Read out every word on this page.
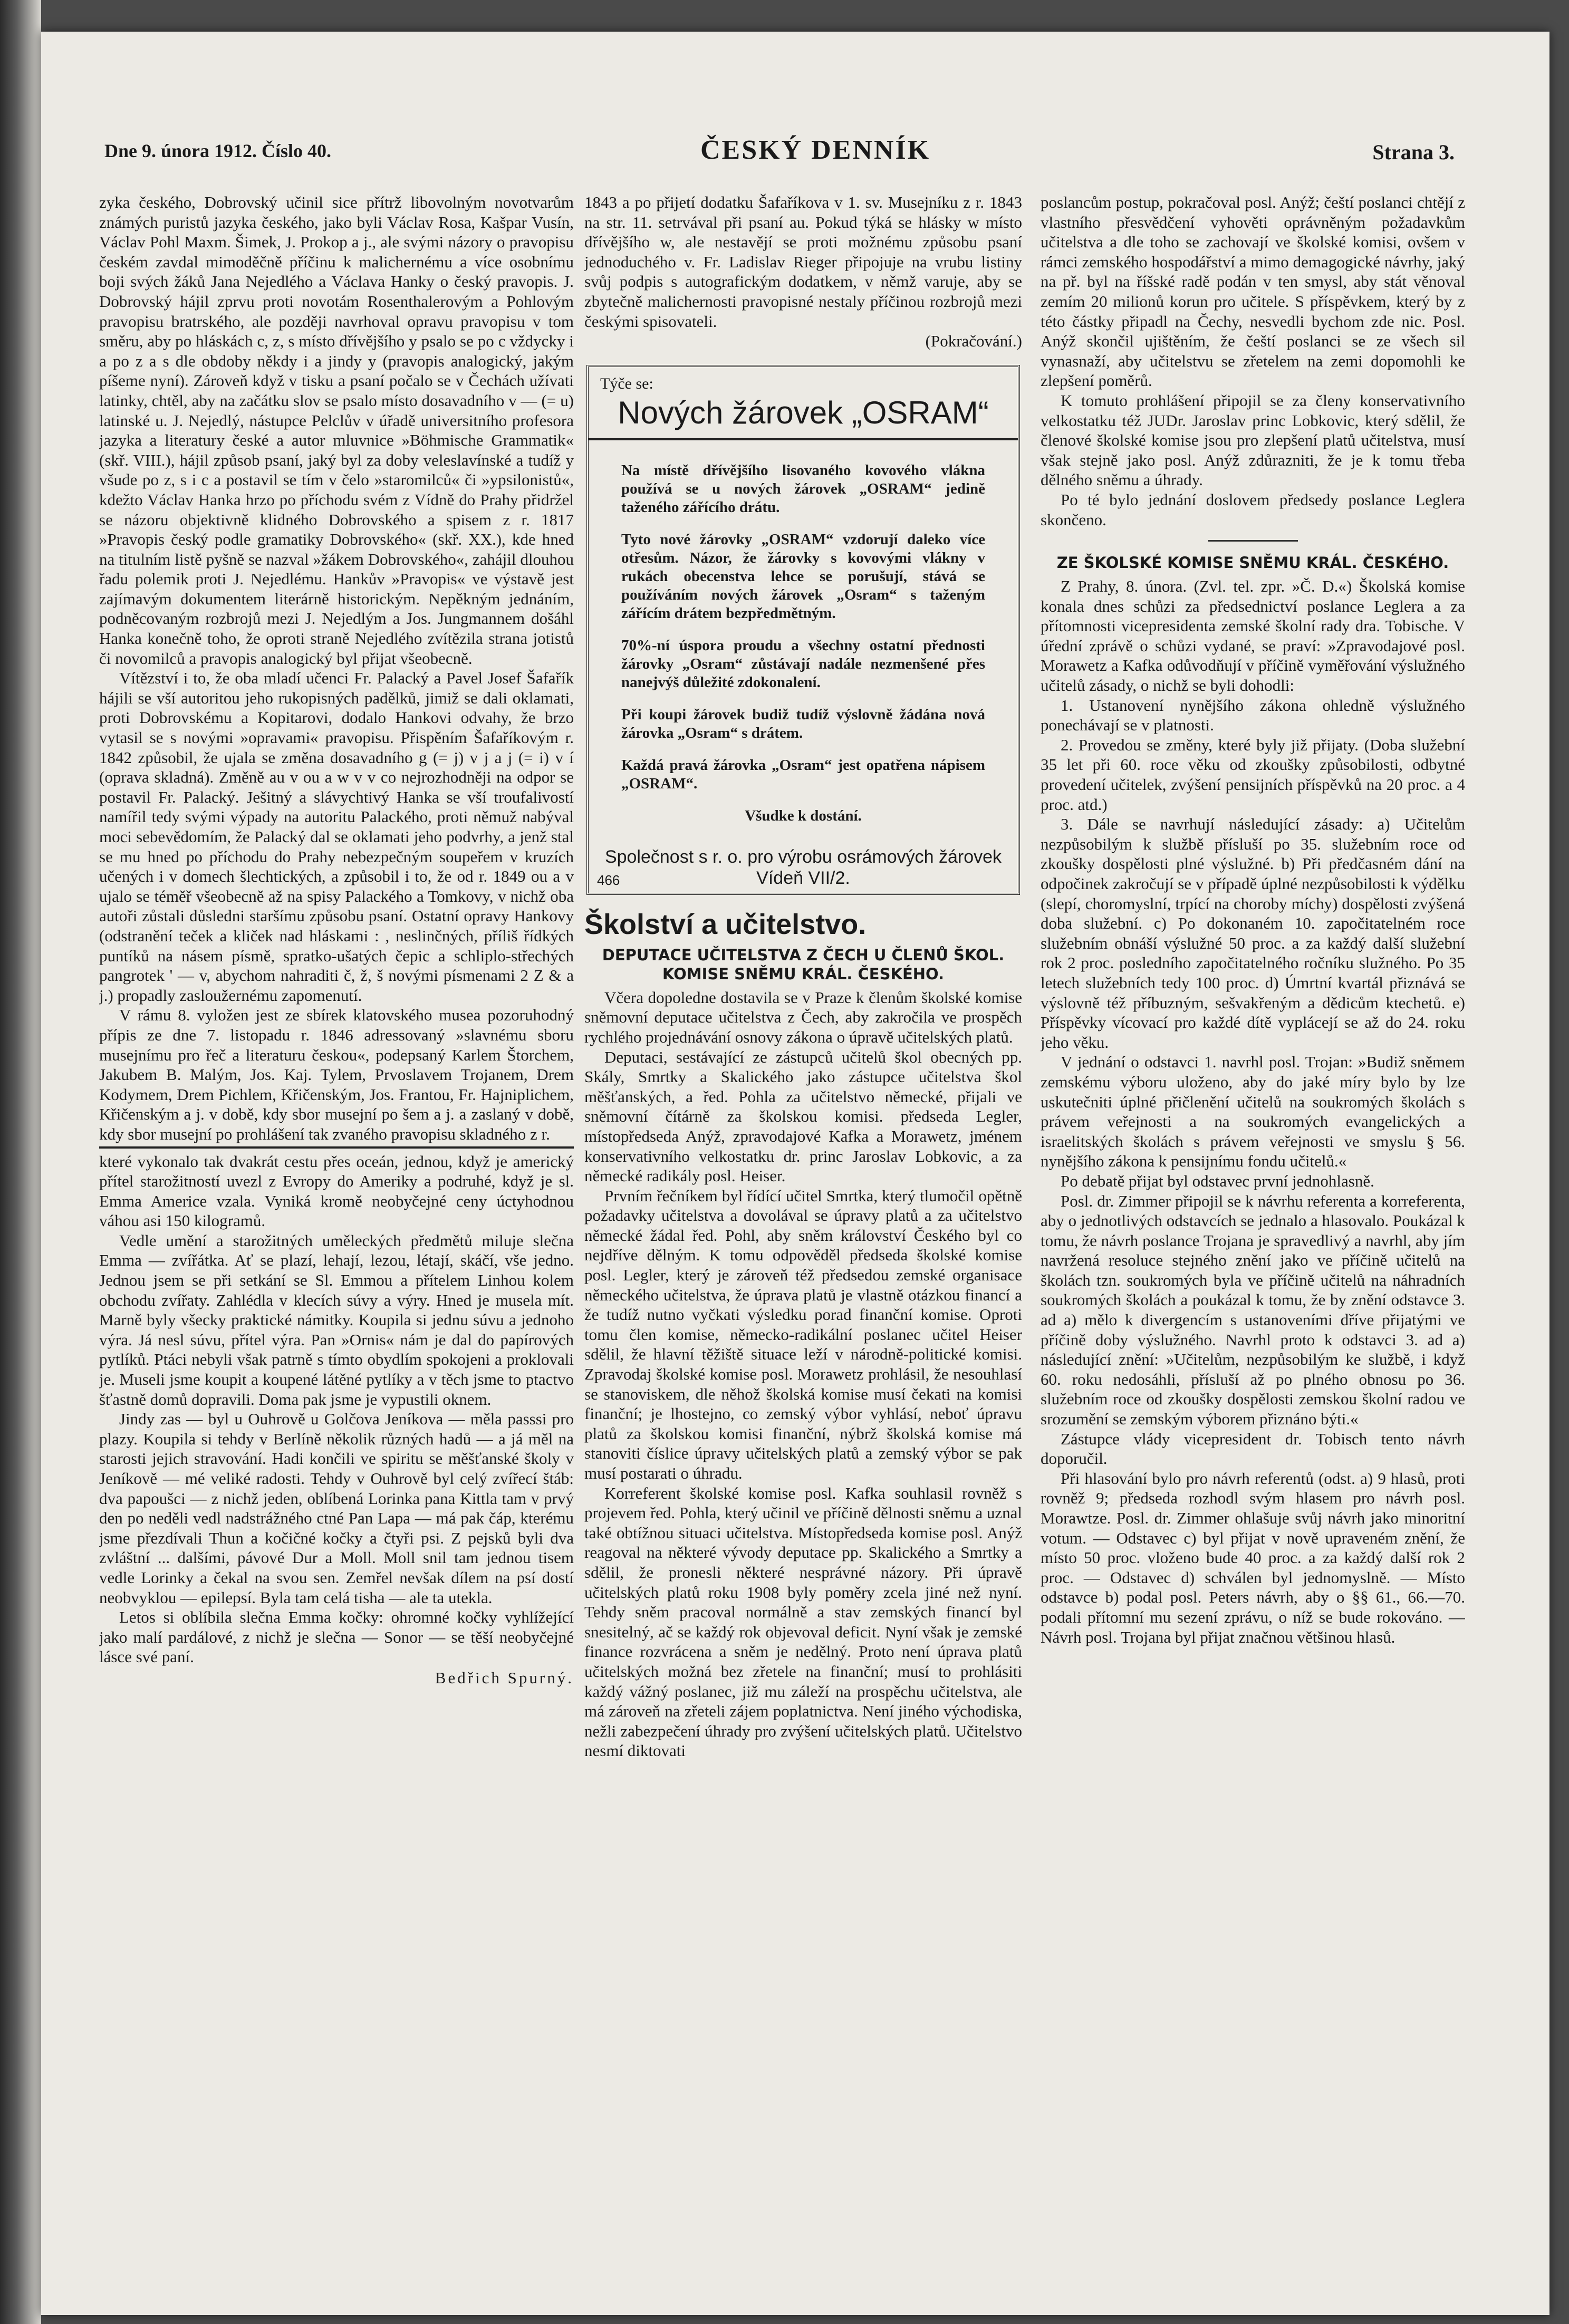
Dne 9. února 1912. Číslo 40.	ČESKÝ DENNÍK	Strana 3.

zyka českého, Dobrovský učinil sice přítrž libovolným novotvarům známých puristů jazyka českého, jako byli Václav Rosa, Kašpar Vusín, Václav Pohl Maxm. Šimek, J. Prokop a j., ale svými názory o pravopisu českém zavdal mimoděčně příčinu k malichernému a více osobnímu boji svých žáků Jana Nejedlého a Václava Hanky o český pravopis. J. Dobrovský hájil zprvu proti novotám Rosenthalerovým a Pohlovým pravopisu bratrského, ale později navrhoval opravu pravopisu v tom směru, aby po hláskách c, z, s místo dřívějšího y psalo se po c vždycky i a po z a s dle obdoby někdy i a jindy y (pravopis analogický, jakým píšeme nyní). Zároveň když v tisku a psaní počalo se v Čechách užívati latinky, chtěl, aby na začátku slov se psalo místo dosavadního v — (= u) latinské u. J. Nejedlý, nástupce Pelclův v úřadě universitního profesora jazyka a literatury české a autor mluvnice »Böhmische Grammatik« (skř. VIII.), hájil způsob psaní, jaký byl za doby veleslavínské a tudíž y všude po z, s i c a postavil se tím v čelo »staromilců« či »ypsilonistů«, kdežto Václav Hanka hrzo po příchodu svém z Vídně do Prahy přidržel se názoru objektivně klidného Dobrovského a spisem z r. 1817 »Pravopis český podle gramatiky Dobrovského« (skř. XX.), kde hned na titulním listě pyšně se nazval »žákem Dobrovského«, zahájil dlouhou řadu polemik proti J. Nejedlému. Hankův »Pravopis« ve výstavě jest zajímavým dokumentem literárně historickým. Nepěkným jednáním, podněcovaným rozbrojů mezi J. Nejedlým a Jos. Jungmannem došáhl Hanka konečně toho, že oproti straně Nejedlého zvítězila strana jotistů či novomilců a pravopis analogický byl přijat všeobecně.

Vítězství i to, že oba mladí učenci Fr. Palacký a Pavel Josef Šafařík hájili se vší autoritou jeho rukopisných padělků, jimiž se dali oklamati, proti Dobrovskému a Kopitarovi, dodalo Hankovi odvahy, že brzo vytasil se s novými »opravami« pravopisu. Přispěním Šafaříkovým r. 1842 způsobil, že ujala se změna dosavadního g (= j) v j a j (= i) v í (oprava skladná). Změně au v ou a w v v co nejrozhodněji na odpor se postavil Fr. Palacký. Ješitný a slávychtivý Hanka se vší troufalivostí namířil tedy svými výpady na autoritu Palackého, proti němuž nabýval moci sebevědomím, že Palacký dal se oklamati jeho podvrhy, a jenž stal se mu hned po příchodu do Prahy nebezpečným soupeřem v kruzích učených i v domech šlechtických, a způsobil i to, že od r. 1849 ou a v ujalo se téměř všeobecně až na spisy Palackého a Tomkovy, v nichž oba autoři zůstali důsledni staršímu způsobu psaní. Ostatní opravy Hankovy (odstranění teček a kliček nad hláskami : , neslinčných, příliš řídkých puntíků na násem písmě, spratko-ušatých čepic a schliplo-střechých pangrotek ' — v, abychom nahraditi č, ž, š novými písmenami 2 Z & a j.) propadly zasloužernému zapomenutí.

V rámu 8. vyložen jest ze sbírek klatovského musea pozoruhodný přípis ze dne 7. listopadu r. 1846 adressovaný »slavnému sboru musejnímu pro řeč a literaturu českou«, podepsaný Karlem Štorchem, Jakubem B. Malým, Jos. Kaj. Tylem, Prvoslavem Trojanem, Drem Kodymem, Drem Pichlem, Křičenským, Jos. Frantou, Fr. Hajniplichem, Křičenským a j. v době, kdy sbor musejní po šem a j. a zaslaný v době, kdy sbor musejní po prohlášení tak zvaného pravopisu skladného z r.

které vykonalo tak dvakrát cestu přes oceán, jednou, když je americký přítel starožitností uvezl z Evropy do Ameriky a podruhé, když je sl. Emma Americe vzala. Vyniká kromě neobyčejné ceny úctyhodnou váhou asi 150 kilogramů.

Vedle umění a starožitných uměleckých předmětů miluje slečna Emma — zvířátka. Ať se plazí, lehají, lezou, létají, skáčí, vše jedno. Jednou jsem se při setkání se Sl. Emmou a přítelem Linhou kolem obchodu zvířaty. Zahlédla v klecích súvy a výry. Hned je musela mít. Marně byly všecky praktické námitky. Koupila si jednu súvu a jednoho výra. Já nesl súvu, přítel výra. Pan »Ornis« nám je dal do papírových pytlíků. Ptáci nebyli však patrně s tímto obydlím spokojeni a proklovali je. Museli jsme koupit a koupené látěné pytlíky a v těch jsme to ptactvo šťastně domů dopravili. Doma pak jsme je vypustili oknem.

Jindy zas — byl u Ouhrově u Golčova Jeníkova — měla passsi pro plazy. Koupila si tehdy v Berlíně několik různých hadů — a já měl na starosti jejich stravování. Hadi končili ve spiritu se měšťanské školy v Jeníkově — mé veliké radosti. Tehdy v Ouhrově byl celý zvířecí štáb: dva papoušci — z nichž jeden, oblíbená Lorinka pana Kittla tam v prvý den po neděli vedl nadstrážného ctné Pan Lapa — má pak čáp, kterému jsme přezdívali Thun a kočičné kočky a čtyři psi. Z pejsků byli dva zvláštní ... dalšími, pávové Dur a Moll. Moll snil tam jednou tisem vedle Lorinky a čekal na svou sen. Zemřel nevšak dílem na psí dostí neobvyklou — epilepsí. Byla tam celá tisha — ale ta utekla.

Letos si oblíbila slečna Emma kočky: ohromné kočky vyhlížející jako malí pardálové, z nichž je slečna — Sonor — se těší neobyčejné lásce své paní.

Bedřich Spurný.

1843 a po přijetí dodatku Šafaříkova v 1. sv. Musejníku z r. 1843 na str. 11. setrvával při psaní au. Pokud týká se hlásky w místo dřívějšího w, ale nestavějí se proti možnému způsobu psaní jednoduchého v. Fr. Ladislav Rieger připojuje na vrubu listiny svůj podpis s autografickým dodatkem, v němž varuje, aby se zbytečně malichernosti pravopisné nestaly příčinou rozbrojů mezi českými spisovateli.

(Pokračování.)
Týče se:
Nových žárovek „OSRAM“

Na místě dřívějšího lisovaného kovového vlákna používá se u nových žárovek „OSRAM“ jedině taženého zářícího drátu.

Tyto nové žárovky „OSRAM“ vzdorují daleko více otřesům. Názor, že žárovky s kovovými vlákny v rukách obecenstva lehce se porušují, stává se používáním nových žárovek „Osram“ s taženým zářícím drátem bezpředmětným.

70%-ní úspora proudu a všechny ostatní přednosti žárovky „Osram“ zůstávají nadále nezmenšené přes nanejvýš důležité zdokonalení.

Při koupi žárovek budiž tudíž výslovně žádána nová žárovka „Osram“ s drátem.

Každá pravá žárovka „Osram“ jest opatřena nápisem „OSRAM“.

Všudke k dostání.
Společnost s r. o. pro výrobu osrámových žárovek Vídeň VII/2.
466
Školství a učitelstvo.
DEPUTACE UČITELSTVA Z ČECH U ČLENŮ ŠKOL. KOMISE SNĚMU KRÁL. ČESKÉHO.

Včera dopoledne dostavila se v Praze k členům školské komise sněmovní deputace učitelstva z Čech, aby zakročila ve prospěch rychlého projednávání osnovy zákona o úpravě učitelských platů.

Deputaci, sestávající ze zástupců učitelů škol obecných pp. Skály, Smrtky a Skalického jako zástupce učitelstva škol měšťanských, a řed. Pohla za učitelstvo německé, přijali ve sněmovní čítárně za školskou komisi. předseda Legler, místopředseda Anýž, zpravodajové Kafka a Morawetz, jménem konservativního velkostatku dr. princ Jaroslav Lobkovic, a za německé radikály posl. Heiser.

Prvním řečníkem byl řídící učitel Smrtka, který tlumočil opětně požadavky učitelstva a dovolával se úpravy platů a za učitelstvo německé žádal řed. Pohl, aby sněm království Českého byl co nejdříve dělným. K tomu odpověděl předseda školské komise posl. Legler, který je zároveň též předsedou zemské organisace německého učitelstva, že úprava platů je vlastně otázkou financí a že tudíž nutno vyčkati výsledku porad finanční komise. Oproti tomu člen komise, německo-radikální poslanec učitel Heiser sdělil, že hlavní těžiště situace leží v národně-politické komisi. Zpravodaj školské komise posl. Morawetz prohlásil, že nesouhlasí se stanoviskem, dle něhož školská komise musí čekati na komisi finanční; je lhostejno, co zemský výbor vyhlásí, neboť úpravu platů za školskou komisi finanční, nýbrž školská komise má stanoviti číslice úpravy učitelských platů a zemský výbor se pak musí postarati o úhradu.

Korreferent školské komise posl. Kafka souhlasil rovněž s projevem řed. Pohla, který učinil ve příčině dělnosti sněmu a uznal také obtížnou situaci učitelstva. Místopředseda komise posl. Anýž reagoval na některé vývody deputace pp. Skalického a Smrtky a sdělil, že pronesli některé nesprávné názory. Při úpravě učitelských platů roku 1908 byly poměry zcela jiné než nyní. Tehdy sněm pracoval normálně a stav zemských financí byl snesitelný, ač se každý rok objevoval deficit. Nyní však je zemské finance rozvrácena a sněm je nedělný. Proto není úprava platů učitelských možná bez zřetele na finanční; musí to prohlásiti každý vážný poslanec, již mu záleží na prospěchu učitelstva, ale má zároveň na zřeteli zájem poplatnictva. Není jiného východiska, nežli zabezpečení úhrady pro zvýšení učitelských platů. Učitelstvo nesmí diktovati

poslancům postup, pokračoval posl. Anýž; čeští poslanci chtějí z vlastního přesvědčení vyhověti oprávněným požadavkům učitelstva a dle toho se zachovají ve školské komisi, ovšem v rámci zemského hospodářství a mimo demagogické návrhy, jaký na př. byl na říšské radě podán v ten smysl, aby stát věnoval zemím 20 milionů korun pro učitele. S příspěvkem, který by z této částky připadl na Čechy, nesvedli bychom zde nic. Posl. Anýž skončil ujištěním, že čeští poslanci se ze všech sil vynasnaží, aby učitelstvu se zřetelem na zemi dopomohli ke zlepšení poměrů.

K tomuto prohlášení připojil se za členy konservativního velkostatku též JUDr. Jaroslav princ Lobkovic, který sdělil, že členové školské komise jsou pro zlepšení platů učitelstva, musí však stejně jako posl. Anýž zdůrazniti, že je k tomu třeba dělného sněmu a úhrady.

Po té bylo jednání doslovem předsedy poslance Leglera skončeno.

ZE ŠKOLSKÉ KOMISE SNĚMU KRÁL. ČESKÉHO.

Z Prahy, 8. února. (Zvl. tel. zpr. »Č. D.«) Školská komise konala dnes schůzi za předsednictví poslance Leglera a za přítomnosti vicepresidenta zemské školní rady dra. Tobische. V úřední zprávě o schůzi vydané, se praví: »Zpravodajové posl. Morawetz a Kafka odůvodňují v příčině vyměřování výslužného učitelů zásady, o nichž se byli dohodli:

1. Ustanovení nynějšího zákona ohledně výslužného ponechávají se v platnosti.

2. Provedou se změny, které byly již přijaty. (Doba služební 35 let při 60. roce věku od zkoušky způsobilosti, odbytné provedení učitelek, zvýšení pensijních příspěvků na 20 proc. a 4 proc. atd.)

3. Dále se navrhují následující zásady: a) Učitelům nezpůsobilým k službě přísluší po 35. služebním roce od zkoušky dospělosti plné výslužné. b) Při předčasném dání na odpočinek zakročují se v případě úplné nezpůsobilosti k výdělku (slepí, choromyslní, trpící na choroby míchy) dospělosti zvýšená doba služební. c) Po dokonaném 10. započitatelném roce služebním obnáší výslužné 50 proc. a za každý další služební rok 2 proc. posledního započitatelného ročníku služného. Po 35 letech služebních tedy 100 proc. d) Úmrtní kvartál přiznává se výslovně též příbuzným, sešvakřeným a dědicům ktechetů. e) Příspěvky vícovací pro každé dítě vyplácejí se až do 24. roku jeho věku.

V jednání o odstavci 1. navrhl posl. Trojan: »Budiž sněmem zemskému výboru uloženo, aby do jaké míry bylo by lze uskutečniti úplné přičlenění učitelů na soukromých školách s právem veřejnosti a na soukromých evangelických a israelitských školách s právem veřejnosti ve smyslu § 56. nynějšího zákona k pensijnímu fondu učitelů.«

Po debatě přijat byl odstavec první jednohlasně.

Posl. dr. Zimmer připojil se k návrhu referenta a korreferenta, aby o jednotlivých odstavcích se jednalo a hlasovalo. Poukázal k tomu, že návrh poslance Trojana je spravedlivý a navrhl, aby jím navržená resoluce stejného znění jako ve příčině učitelů na školách tzn. soukromých byla ve příčině učitelů na náhradních soukromých školách a poukázal k tomu, že by znění odstavce 3. ad a) mělo k divergencím s ustanoveními dříve přijatými ve příčině doby výslužného. Navrhl proto k odstavci 3. ad a) následující znění: »Učitelům, nezpůsobilým ke službě, i když 60. roku nedosáhli, přísluší až po plného obnosu po 36. služebním roce od zkoušky dospělosti zemskou školní radou ve srozumění se zemským výborem přiznáno býti.«

Zástupce vlády vicepresident dr. Tobisch tento návrh doporučil.

Při hlasování bylo pro návrh referentů (odst. a) 9 hlasů, proti rovněž 9; předseda rozhodl svým hlasem pro návrh posl. Morawtze. Posl. dr. Zimmer ohlašuje svůj návrh jako minoritní votum. — Odstavec c) byl přijat v nově upraveném znění, že místo 50 proc. vloženo bude 40 proc. a za každý další rok 2 proc. — Odstavec d) schválen byl jednomyslně. — Místo odstavce b) podal posl. Peters návrh, aby o §§ 61., 66.—70. podali přítomní mu sezení zprávu, o níž se bude rokováno. — Návrh posl. Trojana byl přijat značnou většinou hlasů.
